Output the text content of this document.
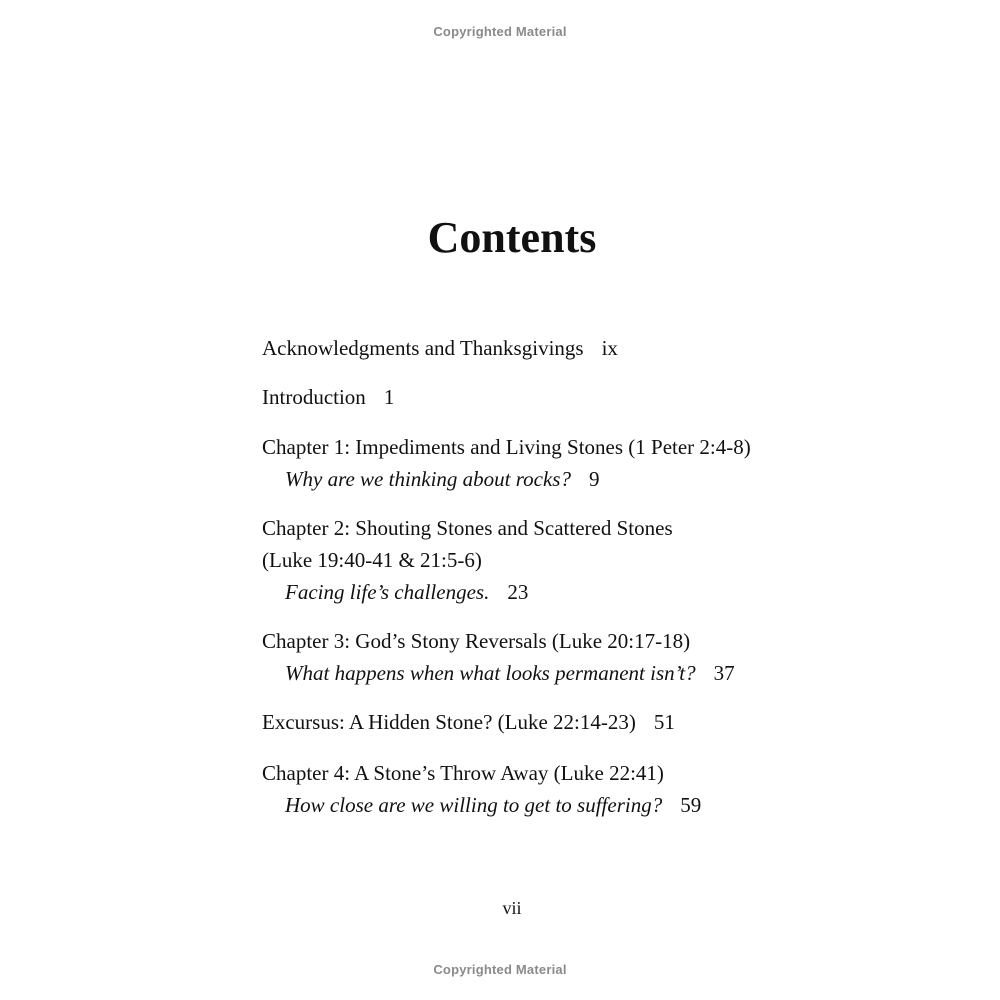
Copyrighted Material
Contents
Acknowledgments and Thanksgivings ix
Introduction 1
Chapter 1: Impediments and Living Stones (1 Peter 2:4-8)
Why are we thinking about rocks? 9
Chapter 2: Shouting Stones and Scattered Stones
(Luke 19:40-41 & 21:5-6)
Facing life’s challenges. 23
Chapter 3: God’s Stony Reversals (Luke 20:17-18)
What happens when what looks permanent isn’t? 37
Excursus: A Hidden Stone? (Luke 22:14-23) 51
Chapter 4: A Stone’s Throw Away (Luke 22:41)
How close are we willing to get to suffering? 59
vii
Copyrighted Material
